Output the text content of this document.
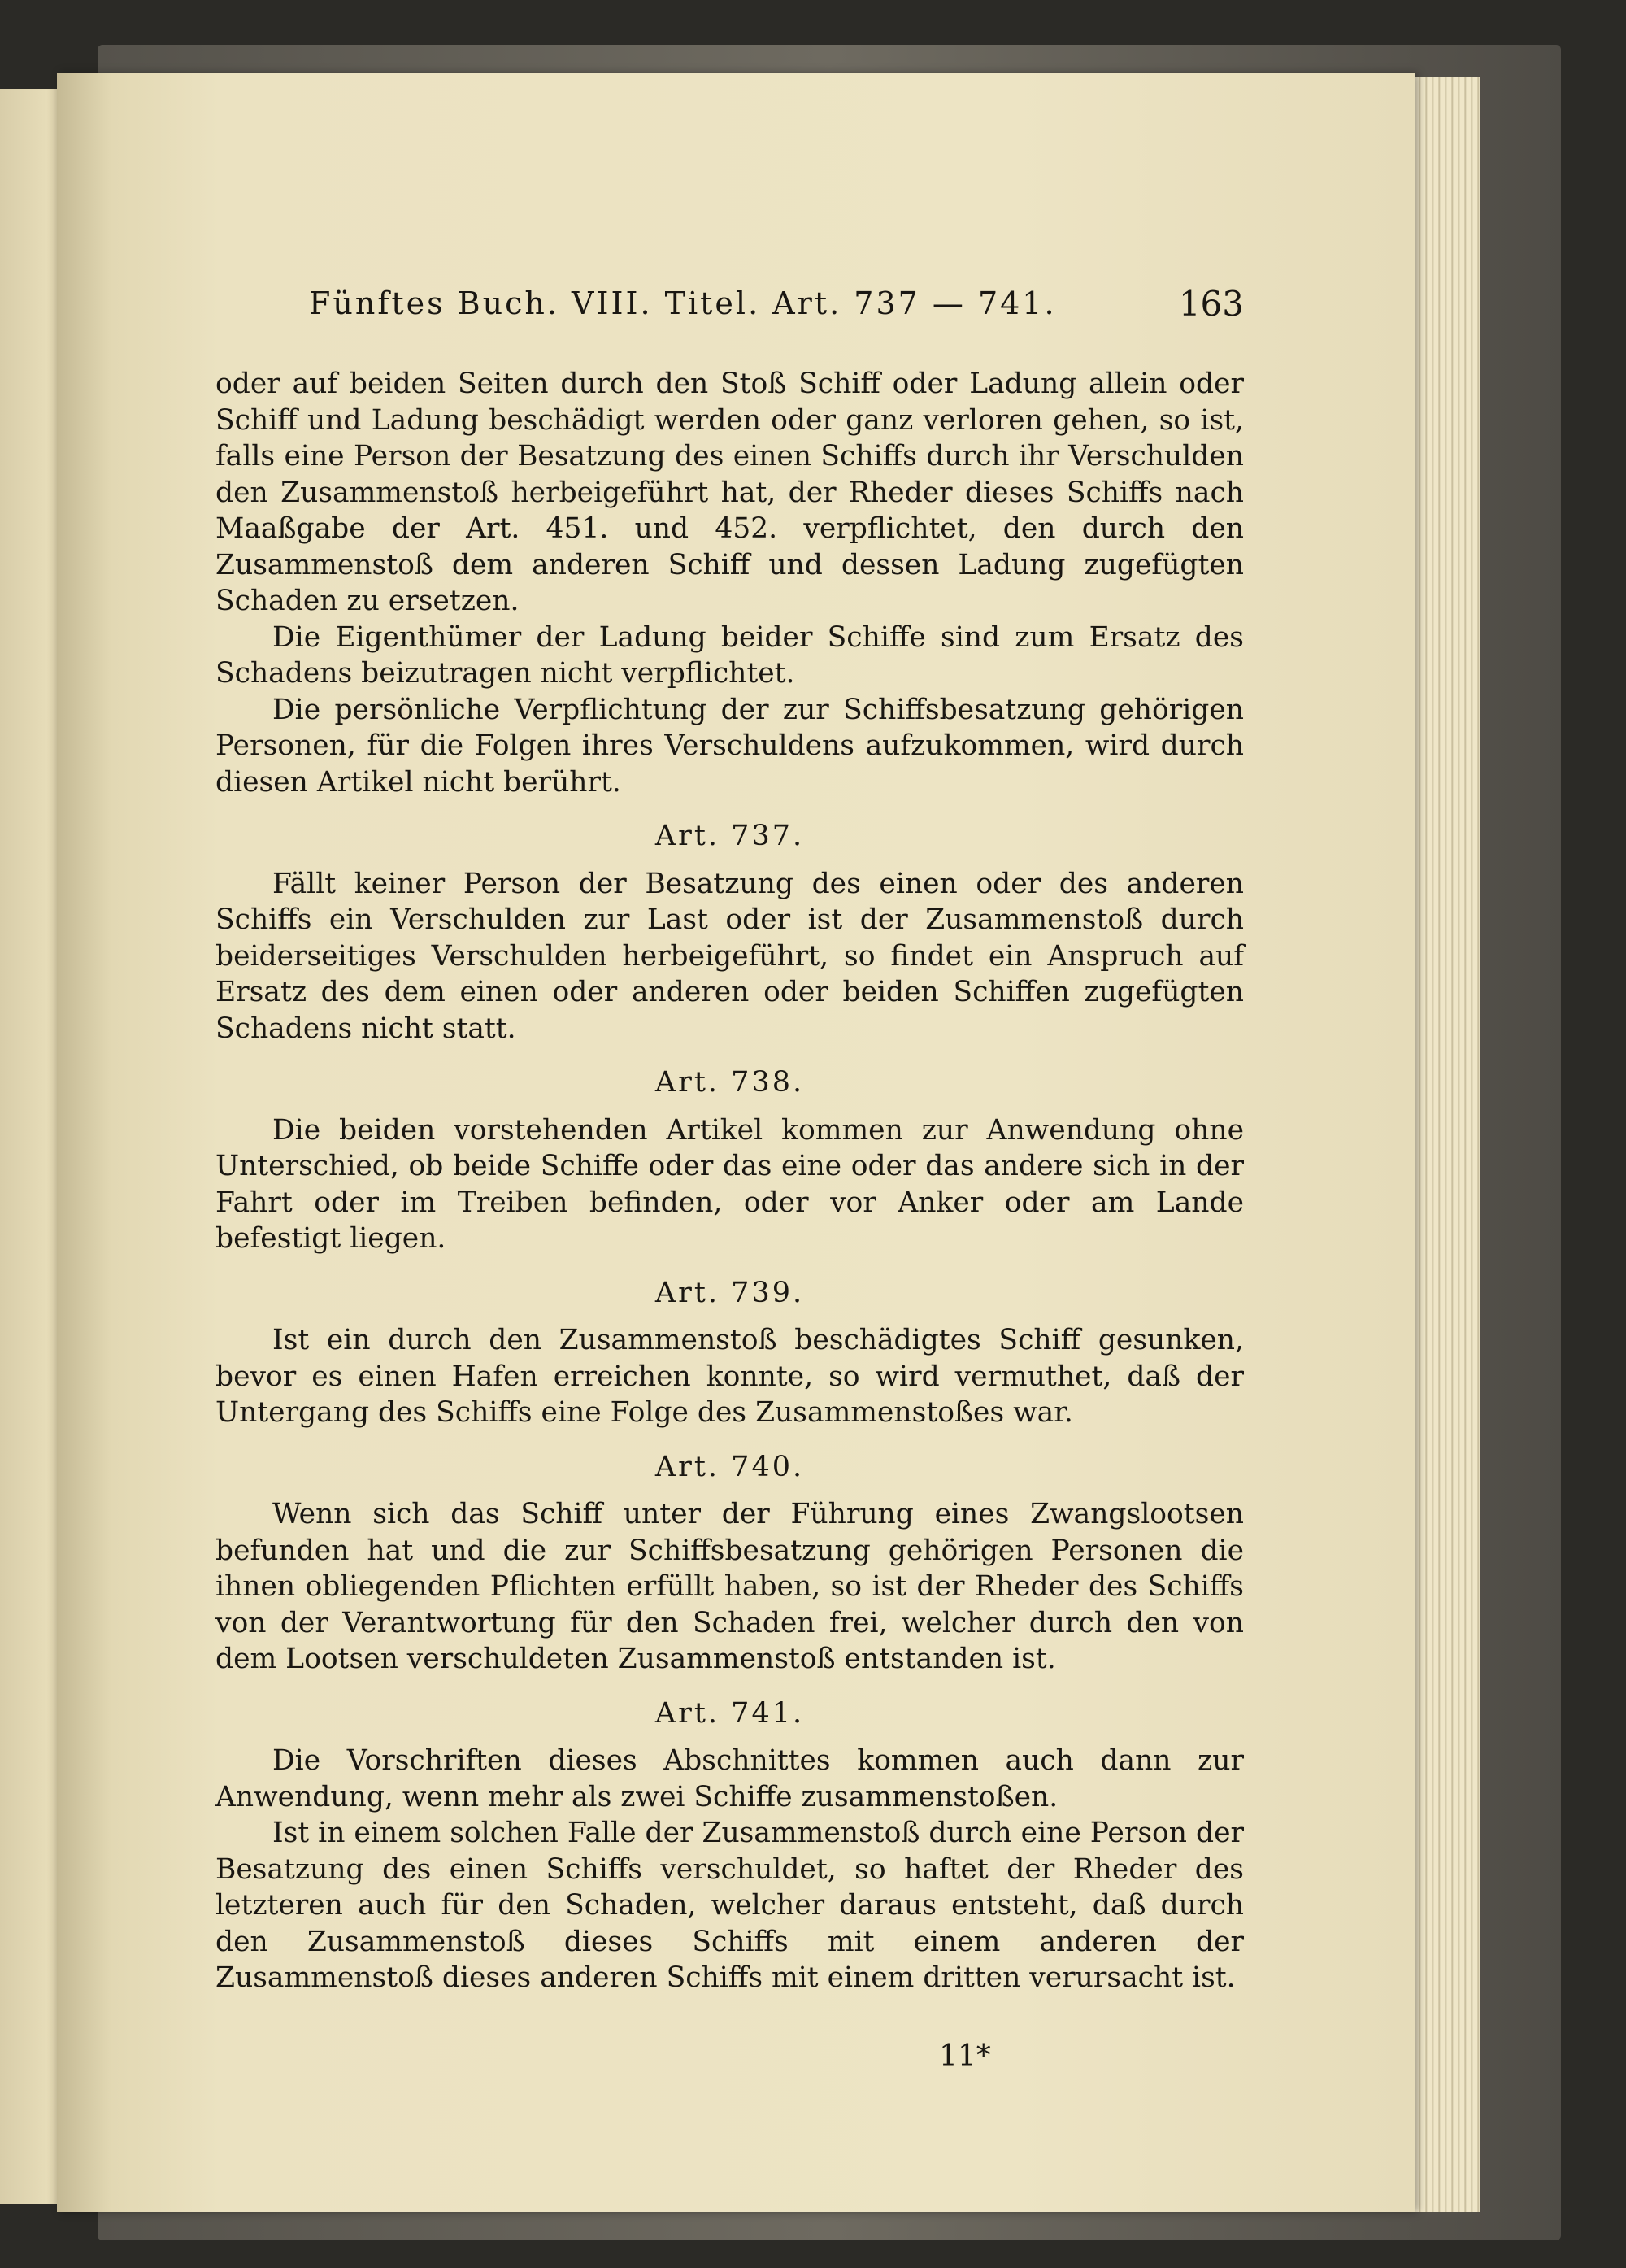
Fünftes Buch. VIII. Titel. Art. 737 — 741.	163

oder auf beiden Seiten durch den Stoß Schiff oder Ladung allein oder Schiff und Ladung beschädigt werden oder ganz verloren gehen, so ist, falls eine Person der Besatzung des einen Schiffs durch ihr Verschulden den Zusammenstoß herbeigeführt hat, der Rheder dieses Schiffs nach Maaßgabe der Art. 451. und 452. verpflichtet, den durch den Zusammenstoß dem anderen Schiff und dessen Ladung zugefügten Schaden zu ersetzen.

Die Eigenthümer der Ladung beider Schiffe sind zum Ersatz des Schadens beizutragen nicht verpflichtet.

Die persönliche Verpflichtung der zur Schiffsbesatzung gehörigen Personen, für die Folgen ihres Verschuldens aufzukommen, wird durch diesen Artikel nicht berührt.

Art. 737.

Fällt keiner Person der Besatzung des einen oder des anderen Schiffs ein Verschulden zur Last oder ist der Zusammenstoß durch beiderseitiges Verschulden herbeigeführt, so findet ein Anspruch auf Ersatz des dem einen oder anderen oder beiden Schiffen zugefügten Schadens nicht statt.

Art. 738.

Die beiden vorstehenden Artikel kommen zur Anwendung ohne Unterschied, ob beide Schiffe oder das eine oder das andere sich in der Fahrt oder im Treiben befinden, oder vor Anker oder am Lande befestigt liegen.

Art. 739.

Ist ein durch den Zusammenstoß beschädigtes Schiff gesunken, bevor es einen Hafen erreichen konnte, so wird vermuthet, daß der Untergang des Schiffs eine Folge des Zusammenstoßes war.

Art. 740.

Wenn sich das Schiff unter der Führung eines Zwangslootsen befunden hat und die zur Schiffsbesatzung gehörigen Personen die ihnen obliegenden Pflichten erfüllt haben, so ist der Rheder des Schiffs von der Verantwortung für den Schaden frei, welcher durch den von dem Lootsen verschuldeten Zusammenstoß entstanden ist.

Art. 741.

Die Vorschriften dieses Abschnittes kommen auch dann zur Anwendung, wenn mehr als zwei Schiffe zusammenstoßen.

Ist in einem solchen Falle der Zusammenstoß durch eine Person der Besatzung des einen Schiffs verschuldet, so haftet der Rheder des letzteren auch für den Schaden, welcher daraus entsteht, daß durch den Zusammenstoß dieses Schiffs mit einem anderen der Zusammenstoß dieses anderen Schiffs mit einem dritten verursacht ist.

11*
